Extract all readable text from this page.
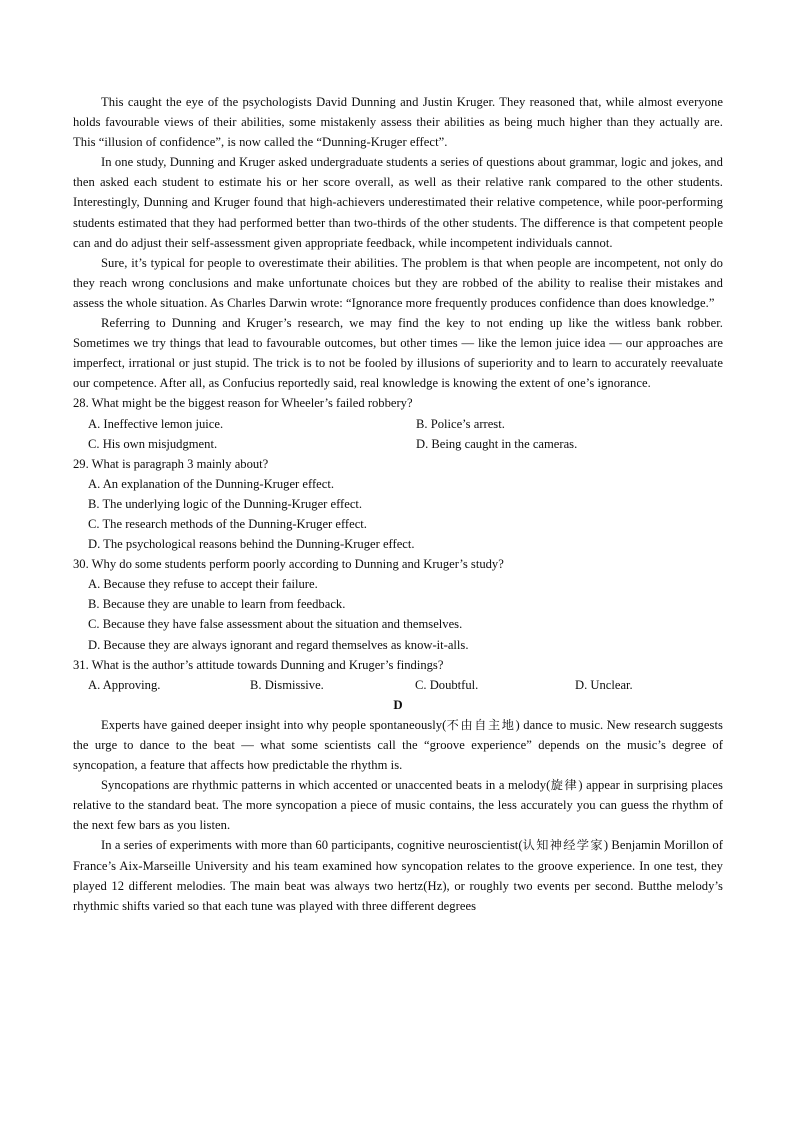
This caught the eye of the psychologists David Dunning and Justin Kruger. They reasoned that, while almost everyone holds favourable views of their abilities, some mistakenly assess their abilities as being much higher than they actually are. This “illusion of confidence”, is now called the “Dunning-Kruger effect”.

In one study, Dunning and Kruger asked undergraduate students a series of questions about grammar, logic and jokes, and then asked each student to estimate his or her score overall, as well as their relative rank compared to the other students. Interestingly, Dunning and Kruger found that high-achievers underestimated their relative competence, while poor-performing students estimated that they had performed better than two-thirds of the other students. The difference is that competent people can and do adjust their self-assessment given appropriate feedback, while incompetent individuals cannot.

Sure, it’s typical for people to overestimate their abilities. The problem is that when people are incompetent, not only do they reach wrong conclusions and make unfortunate choices but they are robbed of the ability to realise their mistakes and assess the whole situation. As Charles Darwin wrote: “Ignorance more frequently produces confidence than does knowledge.”

Referring to Dunning and Kruger’s research, we may find the key to not ending up like the witless bank robber. Sometimes we try things that lead to favourable outcomes, but other times — like the lemon juice idea — our approaches are imperfect, irrational or just stupid. The trick is to not be fooled by illusions of superiority and to learn to accurately reevaluate our competence. After all, as Confucius reportedly said, real knowledge is knowing the extent of one’s ignorance.

28. What might be the biggest reason for Wheeler’s failed robbery?
A. Ineffective lemon juice.	B. Police’s arrest.
C. His own misjudgment.	D. Being caught in the cameras.
29. What is paragraph 3 mainly about?
A. An explanation of the Dunning-Kruger effect.
B. The underlying logic of the Dunning-Kruger effect.
C. The research methods of the Dunning-Kruger effect.
D. The psychological reasons behind the Dunning-Kruger effect.
30. Why do some students perform poorly according to Dunning and Kruger’s study?
A. Because they refuse to accept their failure.
B. Because they are unable to learn from feedback.
C. Because they have false assessment about the situation and themselves.
D. Because they are always ignorant and regard themselves as know-it-alls.
31. What is the author’s attitude towards Dunning and Kruger’s findings?
A. Approving.	B. Dismissive.	C. Doubtful.	D. Unclear.

D

Experts have gained deeper insight into why people spontaneously(不由自主地) dance to music. New research suggests the urge to dance to the beat — what some scientists call the “groove experience” depends on the music’s degree of syncopation, a feature that affects how predictable the rhythm is.

Syncopations are rhythmic patterns in which accented or unaccented beats in a melody(旋律) appear in surprising places relative to the standard beat. The more syncopation a piece of music contains, the less accurately you can guess the rhythm of the next few bars as you listen.

In a series of experiments with more than 60 participants, cognitive neuroscientist(认知神经学家) Benjamin Morillon of France’s Aix-Marseille University and his team examined how syncopation relates to the groove experience. In one test, they played 12 different melodies. The main beat was always two hertz(Hz), or roughly two events per second. Butthe melody’s rhythmic shifts varied so that each tune was played with three different degrees
